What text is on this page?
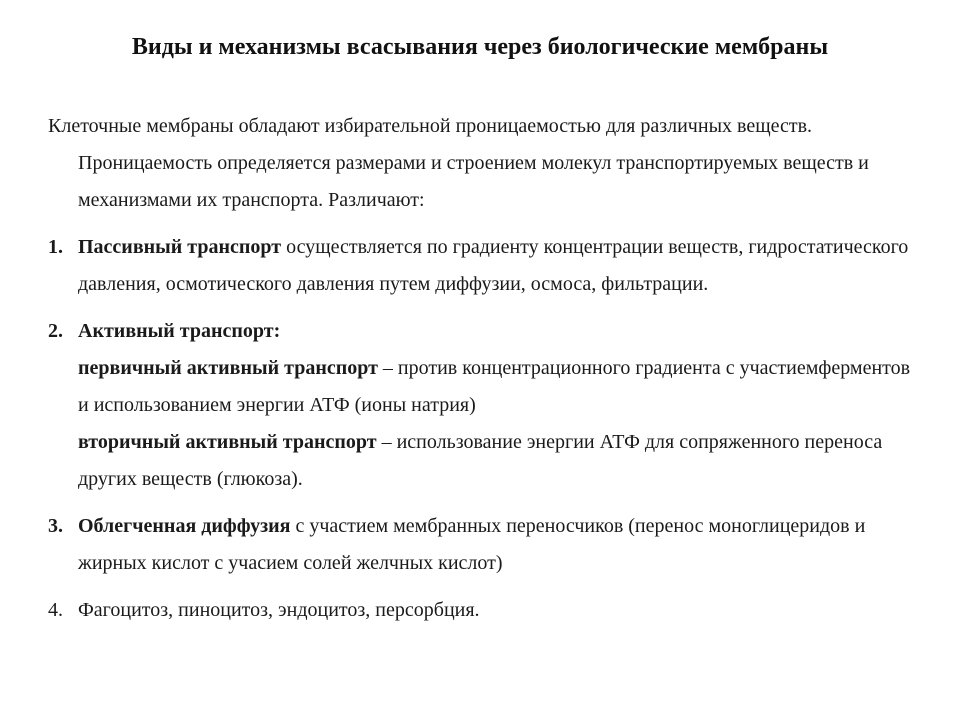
Виды и механизмы всасывания через биологические мембраны

Клеточные мембраны обладают избирательной проницаемостью для различных веществ. Проницаемость определяется размерами и строением молекул транспортируемых веществ и механизмами их транспорта. Различают:

1. Пассивный транспорт осуществляется по градиенту концентрации веществ, гидростатического давления, осмотического давления путем диффузии, осмоса, фильтрации.
2. Активный транспорт:
первичный активный транспорт – против концентрационного градиента с участиемферментов и использованием энергии АТФ (ионы натрия)
вторичный активный транспорт – использование энергии АТФ для сопряженного переноса других веществ (глюкоза).
3. Облегченная диффузия с участием мембранных переносчиков (перенос моноглицеридов и жирных кислот с учасием солей желчных кислот)
4. Фагоцитоз, пиноцитоз, эндоцитоз, персорбция.
